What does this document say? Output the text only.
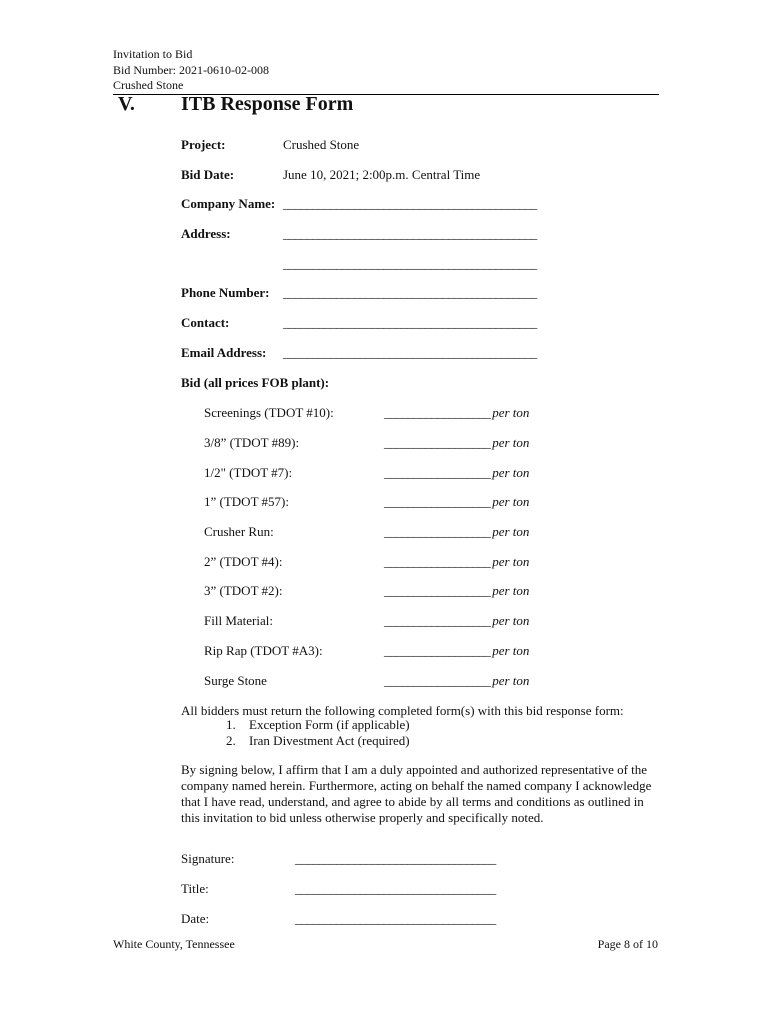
Invitation to Bid
Bid Number: 2021-0610-02-008
Crushed Stone
V. ITB Response Form
Project:	Crushed Stone
Bid Date:	June 10, 2021; 2:00p.m. Central Time
Company Name: ___________________________________________
Address:	___________________________________________
___________________________________________
Phone Number: ___________________________________________
Contact:	___________________________________________
Email Address: ___________________________________________
Bid (all prices FOB plant):
Screenings (TDOT #10):	__________________ per ton
3/8” (TDOT #89):	__________________ per ton
1/2" (TDOT #7):	__________________ per ton
1” (TDOT #57):	__________________ per ton
Crusher Run:	__________________ per ton
2” (TDOT #4):	__________________ per ton
3” (TDOT #2):	__________________ per ton
Fill Material:	__________________ per ton
Rip Rap (TDOT #A3):	__________________ per ton
Surge Stone	__________________ per ton
All bidders must return the following completed form(s) with this bid response form:
1. Exception Form (if applicable)
2. Iran Divestment Act (required)
By signing below, I affirm that I am a duly appointed and authorized representative of the company named herein. Furthermore, acting on behalf the named company I acknowledge that I have read, understand, and agree to abide by all terms and conditions as outlined in this invitation to bid unless otherwise properly and specifically noted.
Signature:	__________________________________
Title:	__________________________________
Date:	__________________________________
White County, Tennessee	Page 8 of 10
